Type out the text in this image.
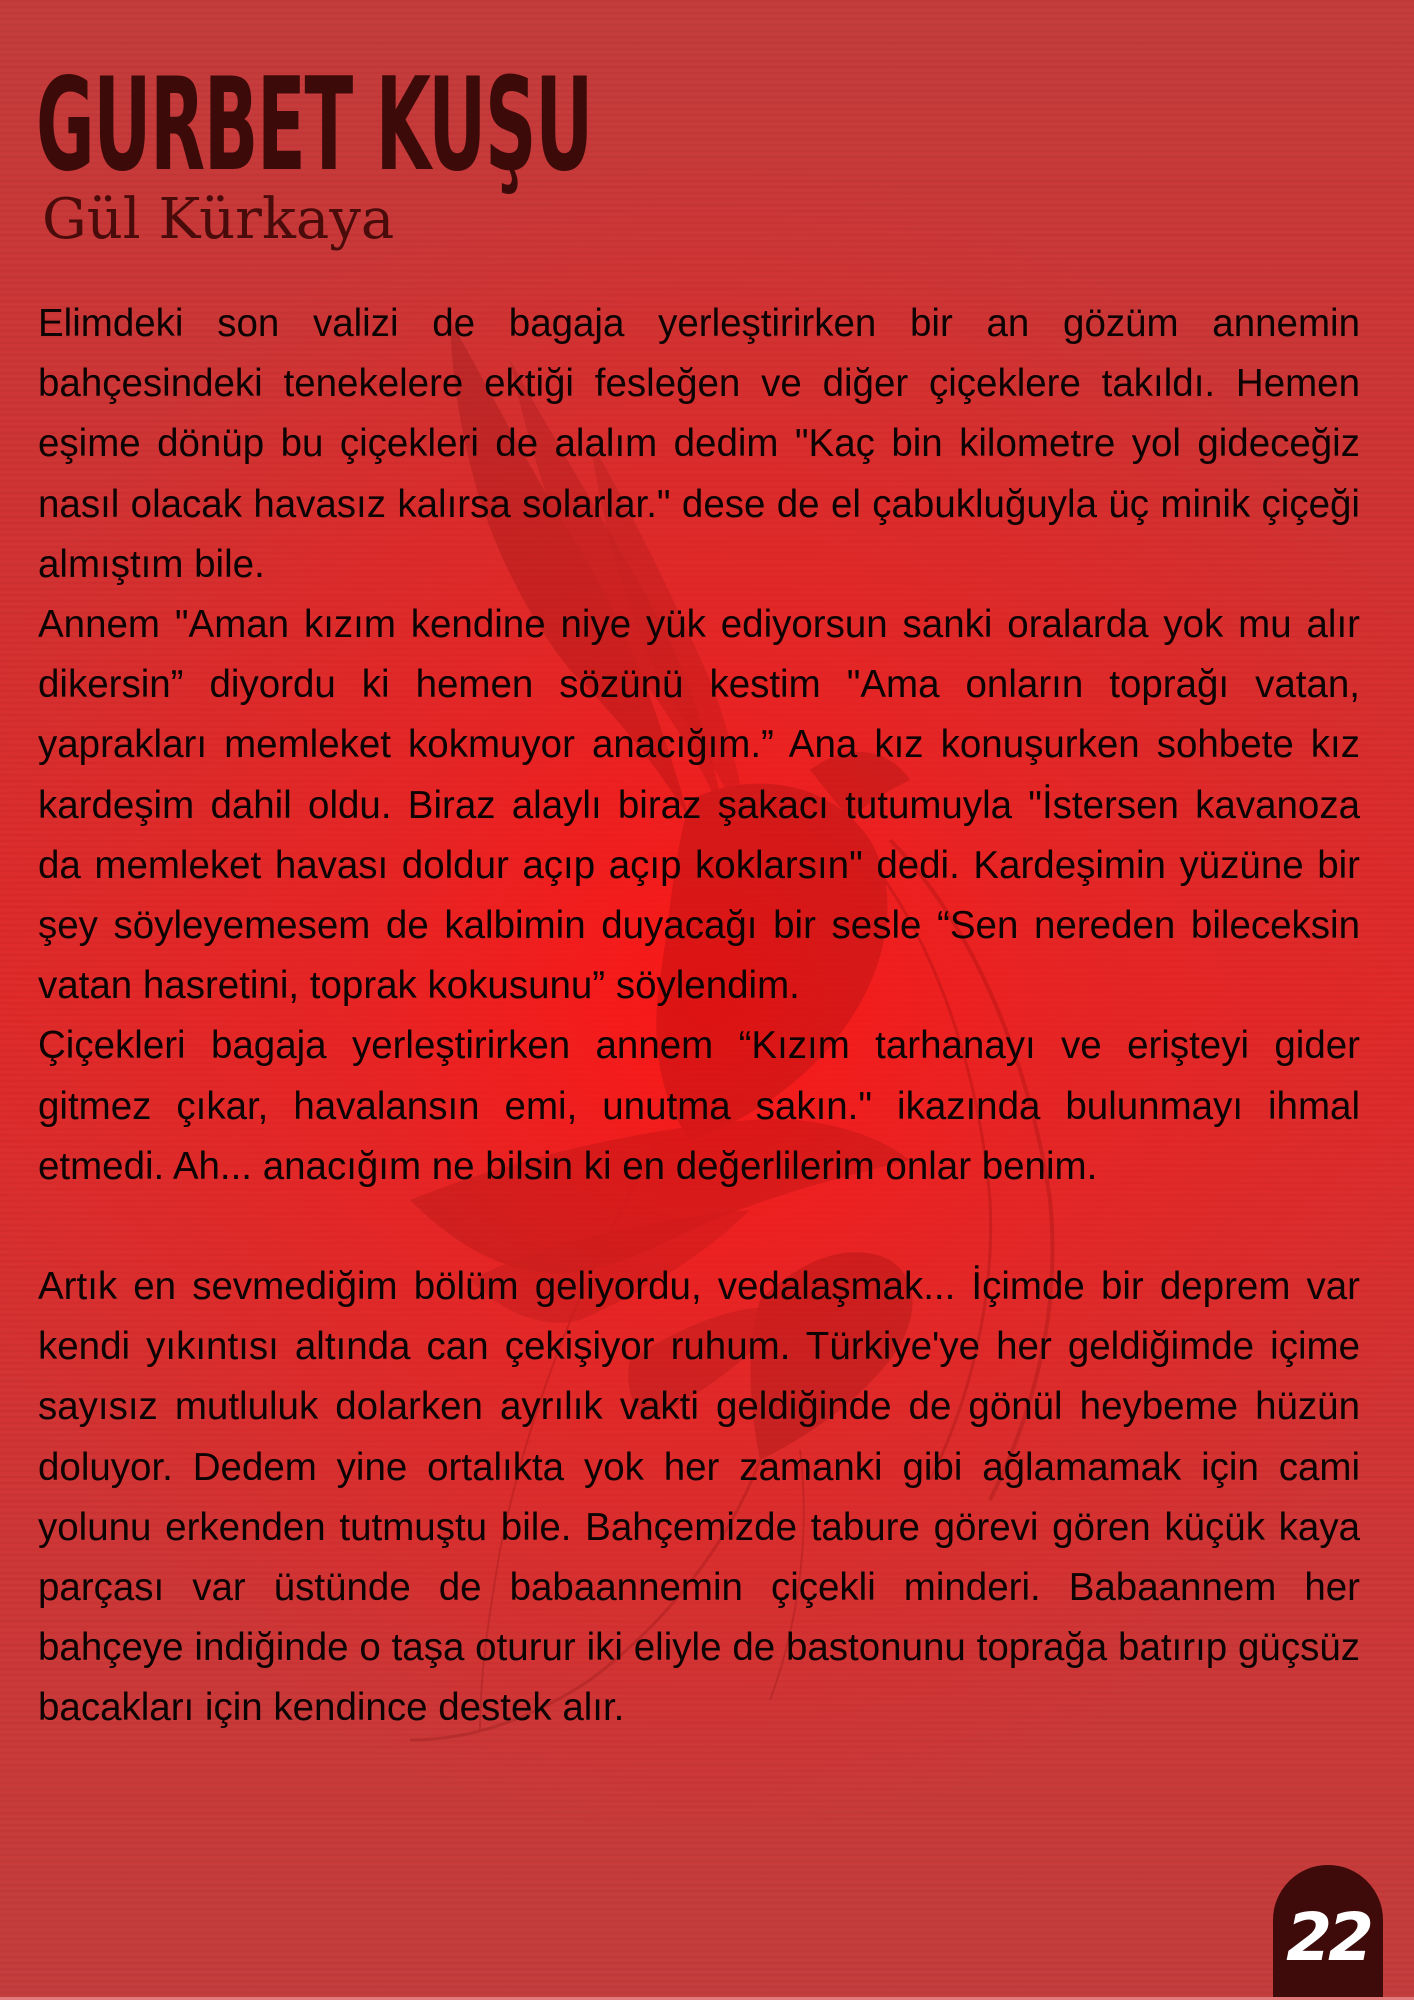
GURBET KUŞU
Gül Kürkaya

Elimdeki son valizi de bagaja yerleştirirken bir an gözüm annemin bahçesindeki tenekelere ektiği fesleğen ve diğer çiçeklere takıldı. Hemen eşime dönüp bu çiçekleri de alalım dedim "Kaç bin kilometre yol gideceğiz nasıl olacak havasız kalırsa solarlar." dese de el çabukluğuyla üç minik çiçeği almıştım bile.

Annem "Aman kızım kendine niye yük ediyorsun sanki oralarda yok mu alır dikersin” diyordu ki hemen sözünü kestim "Ama onların toprağı vatan, yaprakları memleket kokmuyor anacığım.” Ana kız konuşurken sohbete kız kardeşim dahil oldu. Biraz alaylı biraz şakacı tutumuyla "İstersen kavanoza da memleket havası doldur açıp açıp koklarsın" dedi. Kardeşimin yüzüne bir şey söyleyemesem de kalbimin duyacağı bir sesle “Sen nereden bileceksin vatan hasretini, toprak kokusunu” söylendim.

Çiçekleri bagaja yerleştirirken annem “Kızım tarhanayı ve erişteyi gider gitmez çıkar, havalansın emi, unutma sakın." ikazında bulunmayı ihmal etmedi. Ah... anacığım ne bilsin ki en değerlilerim onlar benim.

Artık en sevmediğim bölüm geliyordu, vedalaşmak... İçimde bir deprem var kendi yıkıntısı altında can çekişiyor ruhum. Türkiye'ye her geldiğimde içime sayısız mutluluk dolarken ayrılık vakti geldiğinde de gönül heybeme hüzün doluyor. Dedem yine ortalıkta yok her zamanki gibi ağlamamak için cami yolunu erkenden tutmuştu bile. Bahçemizde tabure görevi gören küçük kaya parçası var üstünde de babaannemin çiçekli minderi. Babaannem her bahçeye indiğinde o taşa oturur iki eliyle de bastonunu toprağa batırıp güçsüz bacakları için kendince destek alır.

22
